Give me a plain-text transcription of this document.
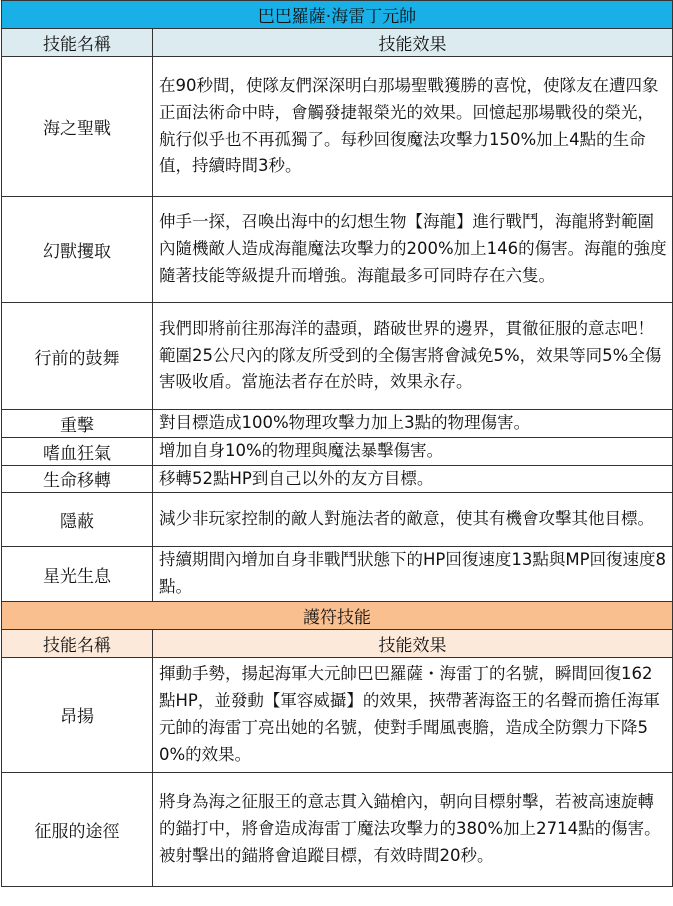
巴巴羅薩·海雷丁元帥	
技能名稱	技能效果
海之聖戰	在90秒間，使隊友們深深明白那場聖戰獲勝的喜悅，使隊友在遭四象正面法術命中時，會觸發捷報榮光的效果。回憶起那場戰役的榮光，航行似乎也不再孤獨了。每秒回復魔法攻擊力150%加上4點的生命值，持續時間3秒。
幻獸攫取	伸手一探，召喚出海中的幻想生物【海龍】進行戰鬥，海龍將對範圍內隨機敵人造成海龍魔法攻擊力的200%加上146的傷害。海龍的強度隨著技能等級提升而增強。海龍最多可同時存在六隻。
行前的鼓舞	我們即將前往那海洋的盡頭，踏破世界的邊界，貫徹征服的意志吧！範圍25公尺內的隊友所受到的全傷害將會減免5%，效果等同5%全傷害吸收盾。當施法者存在於時，效果永存。
重擊	對目標造成100%物理攻擊力加上3點的物理傷害。
嗜血狂氣	增加自身10%的物理與魔法暴擊傷害。
生命移轉	移轉52點HP到自己以外的友方目標。
隱蔽	減少非玩家控制的敵人對施法者的敵意，使其有機會攻擊其他目標。
星光生息	持續期間內增加自身非戰鬥狀態下的HP回復速度13點與MP回復速度8點。
護符技能	
技能名稱	技能效果
昂揚	揮動手勢，揚起海軍大元帥巴巴羅薩・海雷丁的名號，瞬間回復162點HP，並發動【軍容威攝】的效果，挾帶著海盜王的名聲而擔任海軍元帥的海雷丁亮出她的名號，使對手聞風喪膽，造成全防禦力下降50%的效果。
征服的途徑	將身為海之征服王的意志貫入錨槍內，朝向目標射擊，若被高速旋轉的錨打中，將會造成海雷丁魔法攻擊力的380%加上2714點的傷害。被射擊出的錨將會追蹤目標，有效時間20秒。
